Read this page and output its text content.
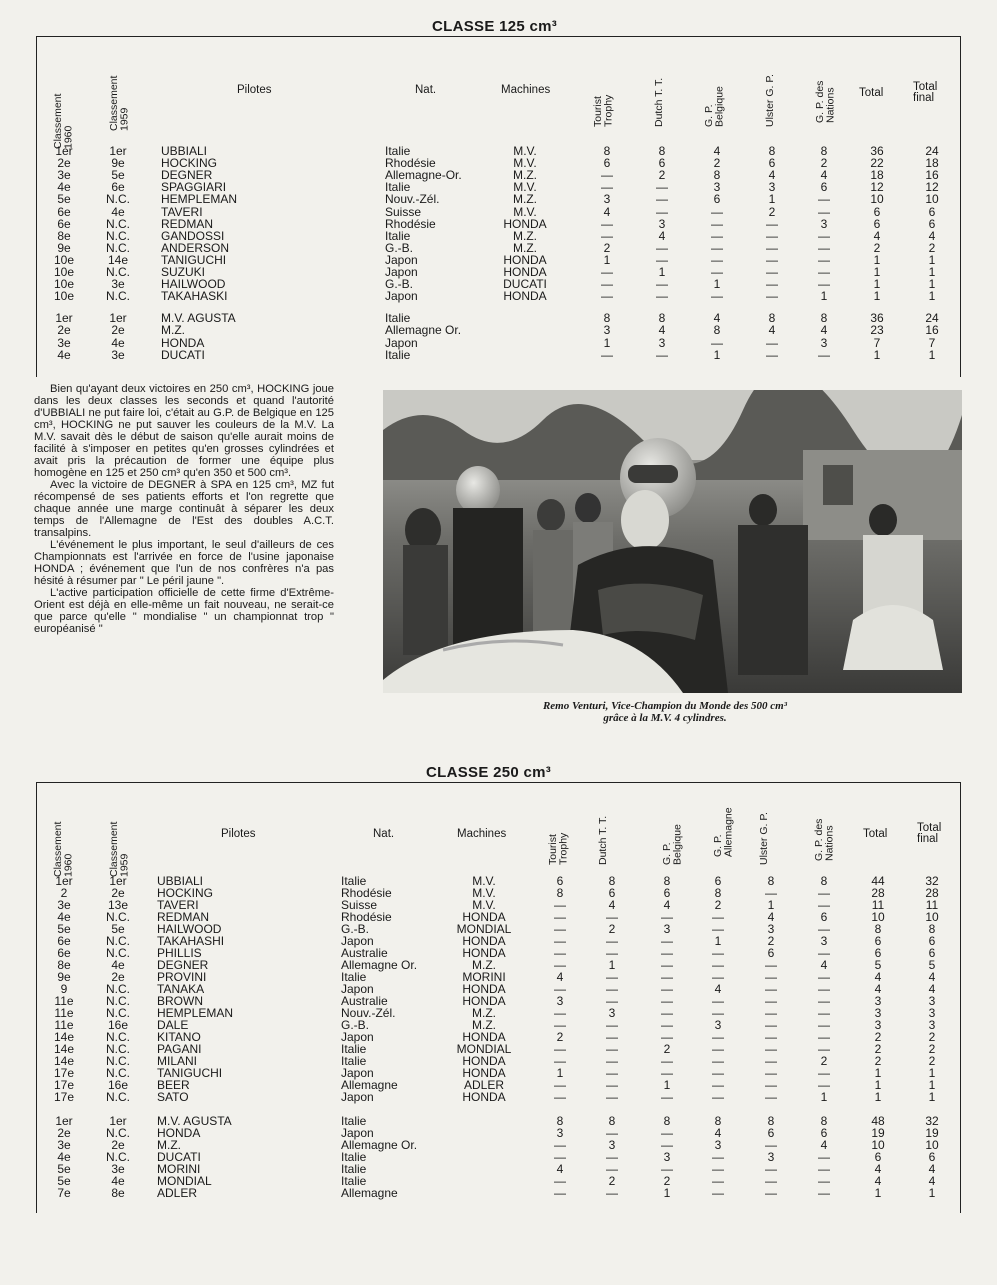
CLASSE 125 cm³
Classement 1960
Classement 1959
Pilotes	Nat.	Machines
Tourist Trophy	Dutch T. T.	G. P. Belgique	Ulster G. P.	G. P. des Nations Total	Total final
1er	1er	UBBIALI	Italie	M.V.	8	8	4	8	8	36	24
2e	9e	HOCKING	Rhodésie	M.V.	6	6	2	6	2	22	18
3e	5e	DEGNER	Allemagne-Or.	M.Z.	—	2	8	4	4	18	16
4e	6e	SPAGGIARI	Italie	M.V.	—	—	3	3	6	12	12
5e	N.C.	HEMPLEMAN	Nouv.-Zél.	M.Z.	3	—	6	1	—	10	10
6e	4e	TAVERI	Suisse	M.V.	4	—	—	2	—	6	6
6e	N.C.	REDMAN	Rhodésie	HONDA	—	3	—	—	3	6	6
8e	N.C.	GANDOSSI	Italie	M.Z.	—	4	—	—	—	4	4
9e	N.C.	ANDERSON	G.-B.	M.Z.	2	—	—	—	—	2	2
10e	14e	TANIGUCHI	Japon	HONDA	1	—	—	—	—	1	1
10e	N.C.	SUZUKI	Japon	HONDA	—	1	—	—	—	1	1
10e	3e	HAILWOOD	G.-B.	DUCATI	—	—	1	—	—	1	1
10e	N.C.	TAKAHASKI	Japon	HONDA	—	—	—	—	1	1	1
1er	1er	M.V. AGUSTA	Italie	8	8	4	8	8	36	24
2e	2e	M.Z.	Allemagne Or.	3	4	8	4	4	23	16
3e	4e	HONDA	Japon	1	3	—	—	3	7	7
4e	3e	DUCATI	Italie	—	—	1	—	—	1	1

Bien qu'ayant deux victoires en 250 cm³, HOCKING joue dans les deux classes les seconds et quand l'autorité d'UBBIALI ne put faire loi, c'était au G.P. de Belgique en 125 cm³, HOCKING ne put sauver les couleurs de la M.V. La M.V. savait dès le début de saison qu'elle aurait moins de facilité à s'imposer en petites qu'en grosses cylindrées et avait pris la précaution de former une équipe plus homogène en 125 et 250 cm³ qu'en 350 et 500 cm³.

Avec la victoire de DEGNER à SPA en 125 cm³, MZ fut récompensé de ses patients efforts et l'on regrette que chaque année une marge continuât à séparer les deux temps de l'Allemagne de l'Est des doubles A.C.T. transalpins.

L'événement le plus important, le seul d'ailleurs de ces Championnats est l'arrivée en force de l'usine japonaise HONDA ; événement que l'un de nos confrères n'a pas hésité à résumer par " Le péril jaune ".

L'active participation officielle de cette firme d'Extrême-Orient est déjà en elle-même un fait nouveau, ne serait-ce que parce qu'elle " mondialise " un championnat trop " européanisé "

Remo Venturi, Vice-Champion du Monde des 500 cm³
grâce à la M.V. 4 cylindres.
CLASSE 250 cm³
Classement 1960	Classement 1959
Pilotes	Nat.	Machines
Tourist Trophy	Dutch T. T.	G. P. Belgique	G. P. Allemagne Ulster G. P.	G. P. des Nations Total	Total final
1er	1er	UBBIALI	Italie	M.V.	6	8	8	6	8	8	44	32
2	2e	HOCKING	Rhodésie	M.V.	8	6	6	8	—	—	28	28
3e	13e	TAVERI	Suisse	M.V.	—	4	4	2	1	—	11	11
4e	N.C. REDMAN	Rhodésie	HONDA	—	—	—	—	4	6	10	10
5e	5e	HAILWOOD	G.-B.	MONDIAL	—	2	3	—	3	—	8	8
6e	N.C. TAKAHASHI	Japon	HONDA	—	—	—	1	2	3	6	6
6e	N.C. PHILLIS	Australie	HONDA	—	—	—	—	6	—	6	6
8e	4e	DEGNER	Allemagne Or.	M.Z.	—	1	—	—	—	4	5	5
9e	2e	PROVINI	Italie	MORINI	4	—	—	—	—	—	4	4
9	N.C. TANAKA	Japon	HONDA	—	—	—	4	—	—	4	4
11e	N.C. BROWN	Australie	HONDA	3	—	—	—	—	—	3	3
11e	N.C. HEMPLEMAN	Nouv.-Zél.	M.Z.	—	3	—	—	—	—	3	3
11e	16e	DALE	G.-B.	M.Z.	—	—	—	3	—	—	3	3
14e	N.C. KITANO	Japon	HONDA	2	—	—	—	—	—	2	2
14e	N.C. PAGANI	Italie	MONDIAL	—	—	2	—	—	—	2	2
14e	N.C. MILANI	Italie	HONDA	—	—	—	—	—	2	2	2
17e	N.C. TANIGUCHI	Japon	HONDA	1	—	—	—	—	—	1	1
17e	16e	BEER	Allemagne	ADLER	—	—	1	—	—	—	1	1
17e	N.C. SATO	Japon	HONDA	—	—	—	—	—	1	1	1
1er	1er	M.V. AGUSTA	Italie	8	8	8	8	8	8	48	32
2e	N.C. HONDA	Japon	3	—	—	4	6	6	19	19
3e	2e	M.Z.	Allemagne Or.	—	3	—	3	—	4	10	10
4e	N.C. DUCATI	Italie	—	—	3	—	3	—	6	6
5e	3e	MORINI	Italie	4	—	—	—	—	—	4	4
5e	4e	MONDIAL	Italie	—	2	2	—	—	—	4	4
7e	8e	ADLER	Allemagne	—	—	1	—	—	—	1	1
